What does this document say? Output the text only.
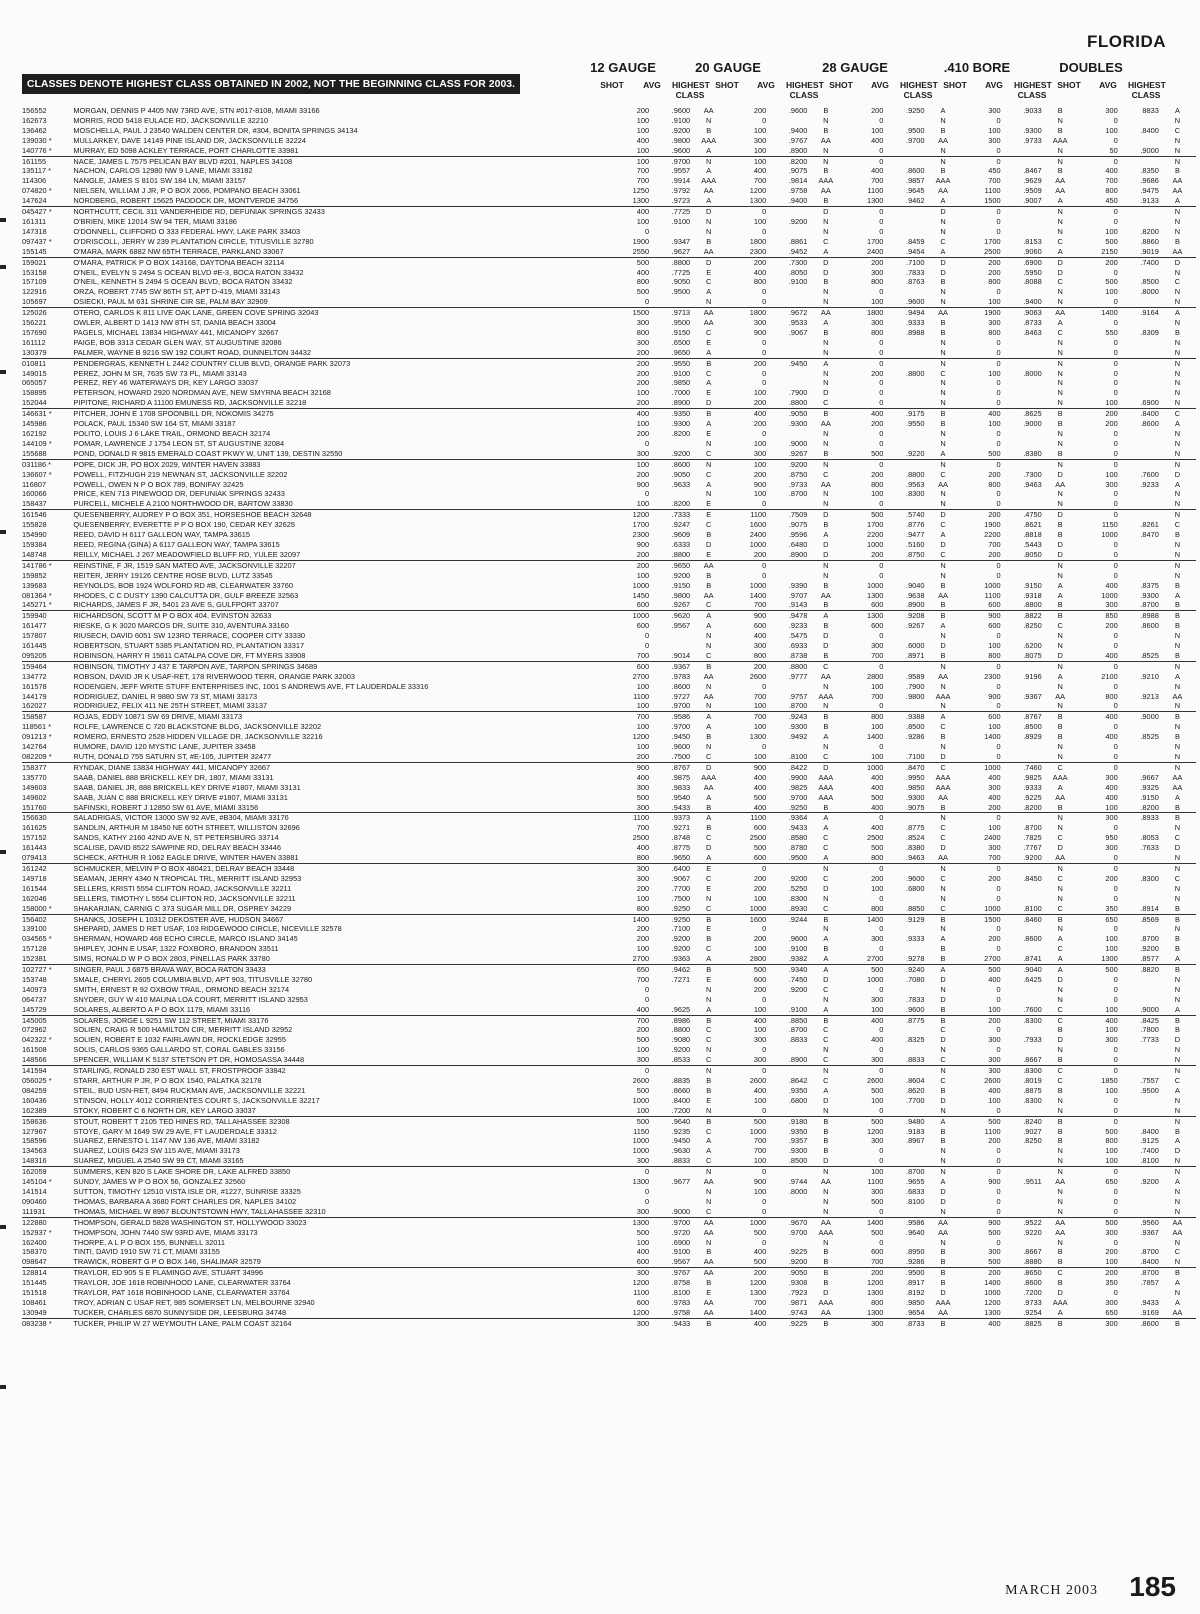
FLORIDA
CLASSES DENOTE HIGHEST CLASS OBTAINED IN 2002, NOT THE BEGINNING CLASS FOR 2003.
12 GAUGE	20 GAUGE	28 GAUGE	.410 BORE	DOUBLES
SHOT	AVG	HIGHEST CLASS
SHOT	AVG	HIGHEST CLASS
SHOT	AVG	HIGHEST CLASS
SHOT	AVG	HIGHEST CLASS
SHOT	AVG	HIGHEST CLASS
156552	MORGAN, DENNIS P 4405 NW 73RD AVE, STN #017-8108, MIAMI 33166	200	.9600	AA	200	.9600	B	200	.9250	A	300	.9033	B	300	8833	A
162673	MORRIS, ROD 5418 EULACE RD, JACKSONVILLE 32210	100	.9100	N	0		N	0		N	0		N	0		N
136462	MOSCHELLA, PAUL J 23540 WALDEN CENTER DR, #304, BONITA SPRINGS 34134	100	.9200	B	100	.9400	B	100	.9500	B	100	.9300	B	100	.8400	C
139030 *	MULLARKEY, DAVE 14149 PINE ISLAND DR, JACKSONVILLE 32224	400	.9800	AAA	300	.9767	AA	400	.9700	AA	300	.9733	AAA	0		N
140776 *	MURRAY, ED 5098 ACKLEY TERRACE, PORT CHARLOTTE 33981	100	.9600	A	100	.8900	N	0		N	0		N	50	.9000	N
161155	NACE, JAMES L 7575 PELICAN BAY BLVD #201, NAPLES 34108	100	.9700	N	100	.8200	N	0		N	0		N	0		N
135117 *	NACHON, CARLOS 12980 NW 9 LANE, MIAMI 33182	700	.9557	A	400	.9075	B	400	.8600	B	450	.8467	B	400	.8350	B
114306	NANGLE, JAMES S 8101 SW 184 LN, MIAMI 33157	700	.9914	AAA	700	.9814	AAA	700	.9857	AAA	700	.9629	AA	700	.9686	AA
074820 *	NIELSEN, WILLIAM J JR, P O BOX 2066, POMPANO BEACH 33061	1250	.9792	AA	1200	.9758	AA	1100	.9645	AA	1100	.9509	AA	800	.9475	AA
147624	NORDBERG, ROBERT 15625 PADDOCK DR, MONTVERDE 34756	1300	.9723	A	1300	.9400	B	1300	.9462	A	1500	.9007	A	450	.9133	A
045427 *	NORTHCUTT, CECIL 311 VANDERHEIDE RD, DEFUNIAK SPRINGS 32433	400	.7725	D	0		D	0		D	0		N	0		N
161311	O'BRIEN, MIKE 12014 SW 94 TER, MIAMI 33186	100	.9100	N	100	.9200	N	0		N	0		N	0		N
147318	O'DONNELL, CLIFFORD O 333 FEDERAL HWY, LAKE PARK 33403	0		N	0		N	0		N	0		N	100	.8200	N
097437 *	O'DRISCOLL, JERRY W 239 PLANTATION CIRCLE, TITUSVILLE 32780	1900	.9347	B	1800	.8861	C	1700	.8459	C	1700	.8153	C	500	.8860	B
155145	O'MARA, MARK 6882 NW 65TH TERRACE, PARKLAND 33067	2550	.9627	AA	2300	.9452	A	2400	.9454	A	2500	.9060	A	2150	.9019	AA
159021	O'MARA, PATRICK P O BOX 143168, DAYTONA BEACH 32114	500	.8800	D	200	.7300	D	200	.7100	D	200	.6900	D	200	.7400	D
153158	O'NEIL, EVELYN S 2494 S OCEAN BLVD #E-3, BOCA RATON 33432	400	.7725	E	400	.8050	D	300	.7833	D	200	.5950	D	0		N
157109	O'NEIL, KENNETH S 2494 S OCEAN BLVD, BOCA RATON 33432	800	.9050	C	800	.9100	B	800	.8763	B	800	.8088	C	500	.8500	C
122916	ORZA, ROBERT 7745 SW 86TH ST, APT D-419, MIAMI 33143	500	.9500	A	0		N	0		N	0		N	100	.8000	N
105697	OSIECKI, PAUL M 631 SHRINE CIR SE, PALM BAY 32909	0		N	0		N	100	.9600	N	100	.9400	N	0		N
125026	OTERO, CARLOS K 811 LIVE OAK LANE, GREEN COVE SPRING 32043	1500	.9713	AA	1800	.9672	AA	1800	.9494	AA	1900	.9063	AA	1400	.9164	A
156221	OWLER, ALBERT D 1413 NW 8TH ST, DANIA BEACH 33004	300	.9500	AA	300	.9533	A	300	.9333	B	300	.8733	A	0		N
157690	PAGELS, MICHAEL 13834 HIGHWAY 441, MICANOPY 32667	800	.9150	C	900	.9067	B	800	.8988	B	800	.8463	C	550	.8309	B
161112	PAIGE, BOB 3313 CEDAR GLEN WAY, ST AUGUSTINE 32086	300	.6500	E	0		N	0		N	0		N	0		N
130379	PALMER, WAYNE B 9216 SW 192 COURT ROAD, DUNNELTON 34432	200	.9650	A	0		N	0		N	0		N	0		N
010811	PENDERGRAS, KENNETH L 2442 COUNTRY CLUB BLVD, ORANGE PARK 32073	200	.9550	B	200	.9450	A	0		N	0		N	0		N
149015	PEREZ, JOHN M SR, 7635 SW 73 PL, MIAMI 33143	200	.9100	C	0		N	200	.8800	C	100	.8000	N	0		N
065057	PEREZ, REY 46 WATERWAYS DR, KEY LARGO 33037	200	.9850	A	0		N	0		N	0		N	0		N
158895	PETERSON, HOWARD 2920 NORDMAN AVE, NEW SMYRNA BEACH 32168	100	.7000	E	100	.7900	D	0		N	0		N	0		N
152044	PIPITONE, RICHARD A 11100 EMUNESS RD, JACKSONVILLE 32218	200	.8900	D	200	.8800	C	0		N	0		N	100	.6900	N
146631 *	PITCHER, JOHN E 1708 SPOONBILL DR, NOKOMIS 34275	400	.9350	B	400	.9050	B	400	.9175	B	400	.8625	B	200	.8400	C
145986	POLACK, PAUL 15340 SW 164 ST, MIAMI 33187	100	.9300	A	200	.9300	AA	200	.9550	B	100	.9000	B	200	.8600	A
162192	POLITO, LOUIS J 6 LAKE TRAIL, ORMOND BEACH 32174	200	.8200	E	0		N	0		N	0		N	0		N
144109 *	POMAR, LAWRENCE J 1754 LEON ST, ST AUGUSTINE 32084	0		N	100	.9000	N	0		N	0		N	0		N
155688	POND, DONALD R 9815 EMERALD COAST PKWY W, UNIT 139, DESTIN 32550	300	.9200	C	300	.9267	B	500	.9220	A	500	.8380	B	0		N
031186 *	POPE, DICK JR, PO BOX 2029, WINTER HAVEN 33883	100	.8600	N	100	.9200	N	0		N	0		N	0		N
136607 *	POWELL, FITZHUGH 219 NEWNAN ST, JACKSONVILLE 32202	200	.9050	C	200	.8750	C	200	.8800	C	200	.7300	D	100	.7600	D
116807	POWELL, OWEN N P O BOX 789, BONIFAY 32425	900	.9633	A	900	.9733	AA	800	.9563	AA	800	.9463	AA	300	.9233	A
160066	PRICE, KEN 713 PINEWOOD DR, DEFUNIAK SPRINGS 32433	0		N	100	.8700	N	100	.8300	N	0		N	0		N
158437	PURCELL, MICHELE A 2100 NORTHWOOD DR, BARTOW 33830	100	.8200	E	0		N	0		N	0		N	0		N
161546	QUESENBERRY, AUDREY P O BOX 351, HORSESHOE BEACH 32648	1200	.7333	E	1100	.7509	D	500	.5740	D	200	.4750	D	0		N
155828	QUESENBERRY, EVERETTE P P O BOX 190, CEDAR KEY 32625	1700	.9247	C	1600	.9075	B	1700	.8776	C	1900	.8621	B	1150	.8261	C
154990	REED, DAVID H 6117 GALLEON WAY, TAMPA 33615	2300	.9609	B	2400	.9596	A	2200	.9477	A	2200	.8818	B	1000	.8470	B
159384	REED, REGINA (GINA) A 6117 GALLEON WAY, TAMPA 33615	900	.6333	D	1000	.6480	D	1000	.5160	D	700	.5443	D	0		N
148748	REILLY, MICHAEL J 267 MEADOWFIELD BLUFF RD, YULEE 32097	200	.8800	E	200	.8900	D	200	.8750	C	200	.8050	D	0		N
141786 *	REINSTINE, F JR, 1519 SAN MATEO AVE, JACKSONVILLE 32207	200	.9650	AA	0		N	0		N	0		N	0		N
159852	REITER, JERRY 19126 CENTRE ROSE BLVD, LUTZ 33545	100	.9200	B	0		N	0		N	0		N	0		N
139683	REYNOLDS, BOB 1924 WOLFORD RD #B, CLEARWATER 33760	1000	.9150	B	1000	.9390	B	1000	.9040	B	1000	.9150	A	400	.8375	B
081364 *	RHODES, C C DUSTY 1390 CALCUTTA DR, GULF BREEZE 32563	1450	.9800	AA	1400	.9707	AA	1300	.9638	AA	1100	.9318	A	1000	.9300	A
145271 *	RICHARDS, JAMES F JR, 5401 23 AVE S, GULFPORT 33707	600	.9267	C	700	.9143	B	600	.8900	B	600	.8800	B	300	.8700	B
159940	RICHARDSON, SCOTT M P O BOX 404, EVINSTON 32633	1000	.9620	A	900	.9478	A	1300	.9208	B	900	.8822	B	850	.8988	B
161477	RIESKE, G K 3020 MARCOS DR, SUITE 310, AVENTURA 33160	600	.9567	A	600	.9233	B	600	.9267	A	600	.8250	C	200	.8600	B
157807	RIUSECH, DAVID 6051 SW 123RD TERRACE, COOPER CITY 33330	0		N	400	.5475	D	0		N	0		N	0		N
161445	ROBERTSON, STUART 5385 PLANTATION RD, PLANTATION 33317	0		N	300	.6933	D	300	.6000	D	100	.6200	N	0		N
095205	ROBINSON, HARRY R 15611 CATALPA COVE DR, FT MYERS 33908	700	.9014	C	800	.8738	B	700	.8971	B	800	.8075	D	400	.8525	B
159464	ROBINSON, TIMOTHY J 437 E TARPON AVE, TARPON SPRINGS 34689	600	.9367	B	200	.8800	C	0		N	0		N	0		N
134772	ROBSON, DAVID JR K USAF-RET, 178 RIVERWOOD TERR, ORANGE PARK 32003	2700	.9783	AA	2600	.9777	AA	2800	.9589	AA	2300	.9196	A	2100	.9210	A
161578	RODENGEN, JEFF WRITE STUFF ENTERPRISES INC, 1001 S ANDREWS AVE, FT LAUDERDALE 33316	100	.8600	N	0		N	100	.7900	N	0		N	0		N
144179	RODRIGUEZ, DANIEL R 9880 SW 73 ST, MIAMI 33173	1100	.9727	AA	700	.9757	AAA	700	.9800	AAA	900	.9367	AA	800	.9213	AA
162027	RODRIGUEZ, FELIX 411 NE 25TH STREET, MIAMI 33137	100	.9700	N	100	.8700	N	0		N	0		N	0		N
158587	ROJAS, EDDY 10871 SW 69 DRIVE, MIAMI 33173	700	.9586	A	700	.9243	B	800	.9388	A	600	.8767	B	400	.9000	B
118561 *	ROLFE, LAWRENCE C 720 BLACKSTONE BLDG, JACKSONVILLE 32202	100	.9700	A	100	.9300	B	100	.8500	C	100	.8500	B	0		N
091213 *	ROMERO, ERNESTO 2528 HIDDEN VILLAGE DR, JACKSONVILLE 32216	1200	.9450	B	1300	.9492	A	1400	.9286	B	1400	.8929	B	400	.8525	B
142764	RUMORE, DAVID 120 MYSTIC LANE, JUPITER 33458	100	.9600	N	0		N	0		N	0		N	0		N
082209 *	RUTH, DONALD 755 SATURN ST, #E-105, JUPITER 32477	200	.7500	C	100	.8100	C	100	.7100	D	0		N	0		N
158377	RYNDAK, DIANE 13834 HIGHWAY 441, MICANOPY 32667	900	.8767	D	900	.8422	D	1000	.8470	C	1000	.7460	C	0		N
135770	SAAB, DANIEL 888 BRICKELL KEY DR, 1807, MIAMI 33131	400	.9875	AAA	400	.9900	AAA	400	.9950	AAA	400	.9825	AAA	300	.9667	AA
149603	SAAB, DANIEL JR, 888 BRICKELL KEY DRIVE #1807, MIAMI 33131	300	.9833	AA	400	.9825	AAA	400	.9850	AAA	300	.9333	A	400	.9325	AA
149602	SAAB, JUAN C 888 BRICKELL KEY DRIVE #1807, MIAMI 33131	500	.9540	A	500	.9700	AAA	500	.9300	AA	400	.9225	AA	400	.9150	A
151760	SAFINSKI, ROBERT J 12850 SW 61 AVE, MIAMI 33156	300	.9433	B	400	.9250	B	400	.9075	B	200	.8200	B	100	.8200	B
156630	SALADRIGAS, VICTOR 13000 SW 92 AVE, #B304, MIAMI 33176	1100	.9373	A	1100	.9364	A	0		N	0		N	300	.8933	B
161625	SANDLIN, ARTHUR M 18450 NE 60TH STREET, WILLISTON 32696	700	.9271	B	600	.9433	A	400	.8775	C	100	.8700	N	0		N
157152	SANDS, KATHY 2160 42ND AVE N, ST PETERSBURG 33714	2500	.8748	C	2500	.8580	C	2500	.8524	C	2400	.7825	C	950	.8053	C
161443	SCALISE, DAVID 8522 SAWPINE RD, DELRAY BEACH 33446	400	.8775	D	500	.8780	C	500	.8380	D	300	.7767	D	300	.7633	D
079413	SCHECK, ARTHUR R 1062 EAGLE DRIVE, WINTER HAVEN 33881	800	.9650	A	600	.9500	A	800	.9463	AA	700	.9200	AA	0		N
161242	SCHMUCKER, MELVIN P O BOX 480421, DELRAY BEACH 33448	300	.6400	E	0		N	0		N	0		N	0		N
149718	SEAMAN, JERRY 4340 N TROPICAL TRL, MERRITT ISLAND 32953	300	.9067	C	200	.9200	C	200	.9600	C	200	.8450	C	200	.8300	C
161544	SELLERS, KRISTI 5554 CLIFTON ROAD, JACKSONVILLE 32211	200	.7700	E	200	.5250	D	100	.6800	N	0		N	0		N
162046	SELLERS, TIMOTHY L 5554 CLIFTON RD, JACKSONVILLE 32211	100	.7500	N	100	.8300	N	0		N	0		N	0		N
158000 *	SHAKARJIAN, CARNIG C 373 SUGAR MILL DR, OSPREY 34229	800	.9250	C	1000	.8930	C	800	.8850	C	1000	.8100	C	350	.8914	B
156402	SHANKS, JOSEPH L 10312 DEKOSTER AVE, HUDSON 34667	1400	.9250	B	1600	.9244	B	1400	.9129	B	1500	.8460	B	650	.8569	B
139100	SHEPARD, JAMES D RET USAF, 103 RIDGEWOOD CIRCLE, NICEVILLE 32578	200	.7100	E	0		N	0		N	0		N	0		N
034565 *	SHERMAN, HOWARD 468 ECHO CIRCLE, MARCO ISLAND 34145	200	.9200	B	200	.9600	A	300	.9333	A	200	.8600	A	100	.8700	B
157128	SHIPLEY, JOHN E USAF, 1322 FOXBORO, BRANDON 33511	100	.9200	C	100	.9100	B	0		B	0		C	100	.9200	B
152381	SIMS, RONALD W P O BOX 2803, PINELLAS PARK 33780	2700	.9363	A	2800	.9382	A	2700	.9278	B	2700	.8741	A	1300	.8577	A
102727 *	SINGER, PAUL J 6875 BRAVA WAY, BOCA RATON 33433	650	.9462	B	500	.9340	A	500	.9240	A	500	.9040	A	500	.8820	B
153748	SMALE, CHERYL 2605 COLUMBIA BLVD, APT 903, TITUSVILLE 32780	700	.7271	E	600	.7450	D	1000	.7080	D	400	.6425	D	0		N
140973	SMITH, ERNEST R 92 OXBOW TRAIL, ORMOND BEACH 32174	0		N	200	.9200	C	0		N	0		N	0		N
064737	SNYDER, GUY W 410 MAUNA LOA COURT, MERRITT ISLAND 32953	0		N	0		N	300	.7833	D	0		N	0		N
145729	SOLARES, ALBERTO A P O BOX 1179, MIAMI 33116	400	.9625	A	100	.9100	A	100	.9600	B	100	.7600	C	100	.9000	A
145005	SOLARES, JORGE L 9251 SW 112 STREET, MIAMI 33176	700	.8986	B	400	.8850	B	400	.8775	B	200	.8300	C	400	.8425	B
072962	SOLIEN, CRAIG R 500 HAMILTON CIR, MERRITT ISLAND 32952	200	.8800	C	100	.8700	C	0		C	0		B	100	.7800	B
042322 *	SOLIEN, ROBERT E 1032 FAIRLAWN DR, ROCKLEDGE 32955	500	.9080	C	300	.8833	C	400	.8325	D	300	.7933	D	300	.7733	D
161508	SOLIS, CARLOS 9365 GALLARDO ST, CORAL GABLES 33156	100	.9200	N	0		N	0		N	0		N	0		N
148566	SPENCER, WILLIAM K 5137 STETSON PT DR, HOMOSASSA 34448	300	.8533	C	300	.8900	C	300	.8833	C	300	.8667	B	0		N
141594	STARLING, RONALD 230 EST WALL ST, FROSTPROOF 33842	0		N	0		N	0		N	300	.8300	C	0		N
056025 *	STARR, ARTHUR P JR, P O BOX 1540, PALATKA 32178	2600	.8835	B	2600	.8642	C	2600	.8604	C	2600	.8019	C	1850	.7557	C
084259	STEIL, BUD USN-RET, 8494 RUCKMAN AVE, JACKSONVILLE 32221	500	.8660	B	400	.9350	A	500	.8620	B	400	.8875	B	100	.9500	A
160436	STINSON, HOLLY 4012 CORRIENTES COURT S, JACKSONVILLE 32217	1000	.8400	E	100	.6800	D	100	.7700	D	100	.8300	N	0		N
162389	STOKY, ROBERT C 6 NORTH DR, KEY LARGO 33037	100	.7200	N	0		N	0		N	0		N	0		N
158636	STOUT, ROBERT T 2105 TED HINES RD, TALLAHASSEE 32308	500	.9640	B	500	.9180	B	500	.9480	A	500	.8240	B	0		N
127967	STOYE, GARY M 1649 SW 29 AVE, FT LAUDERDALE 33312	1150	.9235	C	1000	.9350	B	1200	.9183	B	1100	.9027	B	500	.8400	B
158596	SUAREZ, ERNESTO L 1147 NW 136 AVE, MIAMI 33182	1000	.9450	A	700	.9357	B	300	.8967	B	200	.8250	B	800	.9125	A
134563	SUAREZ, LOUIS 6423 SW 115 AVE, MIAMI 33173	1000	.9630	A	700	.9300	B	0		N	0		N	100	.7400	D
148316	SUAREZ, MIGUEL A 2540 SW 99 CT, MIAMI 33165	300	.8833	C	100	.8500	D	0		N	0		N	100	.8100	N
162059	SUMMERS, KEN 820 S LAKE SHORE DR, LAKE ALFRED 33850	0		N	0		N	100	.8700	N	0		N	0		N
145104 *	SUNDY, JAMES W P O BOX 56, GONZALEZ 32560	1300	.9677	AA	900	.9744	AA	1100	.9655	A	900	.9511	AA	650	.9200	A
141514	SUTTON, TIMOTHY 12510 VISTA ISLE DR, #1227, SUNRISE 33325	0		N	100	.8000	N	300	.6833	D	0		N	0		N
090460	THOMAS, BARBARA A 3680 FORT CHARLES DR, NAPLES 34102	0		N	0		N	500	.8100	D	0		N	0		N
111931	THOMAS, MICHAEL W 8967 BLOUNTSTOWN HWY, TALLAHASSEE 32310	300	.9000	C	0		N	0		N	0		N	0		N
122880	THOMPSON, GERALD 5828 WASHINGTON ST, HOLLYWOOD 33023	1300	.9700	AA	1000	.9670	AA	1400	.9586	AA	900	.9522	AA	500	.9560	AA
152937 *	THOMPSON, JOHN 7440 SW 93RD AVE, MIAMI 33173	500	.9720	AA	500	.9700	AAA	500	.9640	AA	500	.9220	AA	300	.9367	AA
162400	THORPE, A L P O BOX 155, BUNNELL 32011	100	.6900	N	0		N	0		N	0		N	0		N
158370	TINTI, DAVID 1910 SW 71 CT, MIAMI 33155	400	.9100	B	400	.9225	B	600	.8950	B	300	.8667	B	200	.8700	C
098647	TRAWICK, ROBERT G P O BOX 146, SHALIMAR 32579	600	.9567	AA	500	.9200	B	700	.9286	B	500	.8880	B	100	.8400	N
128814	TRAYLOR, ED 905 S E FLAMINGO AVE, STUART 34996	300	.9767	AA	200	.9050	B	200	.9500	B	200	.8650	C	200	.8700	B
151445	TRAYLOR, JOE 1618 ROBINHOOD LANE, CLEARWATER 33764	1200	.8758	B	1200	.9308	B	1200	.8917	B	1400	.8600	B	350	.7857	A
151518	TRAYLOR, PAT 1618 ROBINHOOD LANE, CLEARWATER 33764	1100	.8100	E	1300	.7923	D	1300	.8192	D	1000	.7200	D	0		N
108461	TROY, ADRIAN C USAF RET, 985 SOMERSET LN, MELBOURNE 32940	600	.9783	AA	700	.9871	AAA	800	.9850	AAA	1200	.9733	AAA	300	.9433	A
130949	TUCKER, CHARLES 6870 SUNNYSIDE DR, LEESBURG 34748	1200	.9758	AA	1400	.9743	AA	1300	.9654	AA	1300	.9254	A	650	.9169	AA
083238 *	TUCKER, PHILIP W 27 WEYMOUTH LANE, PALM COAST 32164	300	.9433	B	400	.9225	B	300	.8733	B	400	.8825	B	300	.8600	B
MARCH 2003 185
